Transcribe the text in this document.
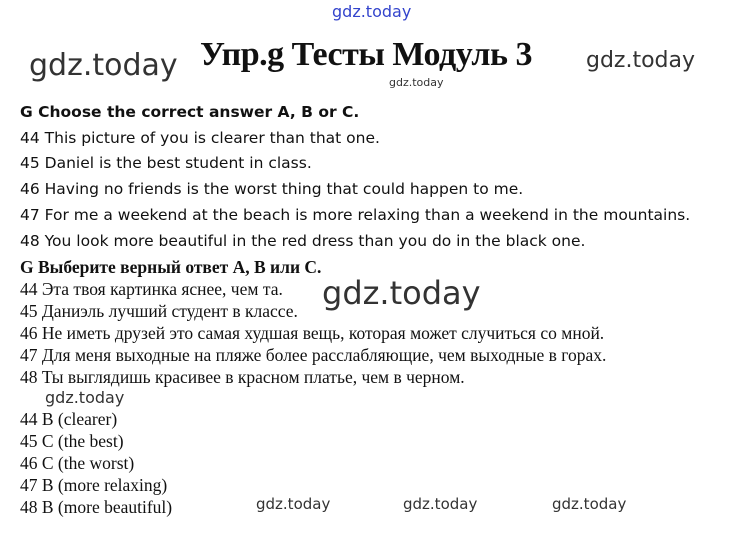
gdz.today
gdz.today Упр.g Тесты Модуль 3 gdz.today
gdz.today
G Choose the correct answer A, B or C.
44 This picture of you is clearer than that one.
45 Daniel is the best student in class.
46 Having no friends is the worst thing that could happen to me.
47 For me a weekend at the beach is more relaxing than a weekend in the mountains.
48 You look more beautiful in the red dress than you do in the black one.
G Выберите верный ответ А, В или С.
44 Эта твоя картинка яснее, чем та.
45 Даниэль лучший студент в классе.
46 Не иметь друзей это самая худшая вещь, которая может случиться со мной.
47 Для меня выходные на пляже более расслабляющие, чем выходные в горах.
48 Ты выглядишь красивее в красном платье, чем в черном.
gdz.today
gdz.today
44 B (clearer)
45 C (the best)
46 C (the worst)
47 B (more relaxing)
48 B (more beautiful)	gdz.today	gdz.today	gdz.today
